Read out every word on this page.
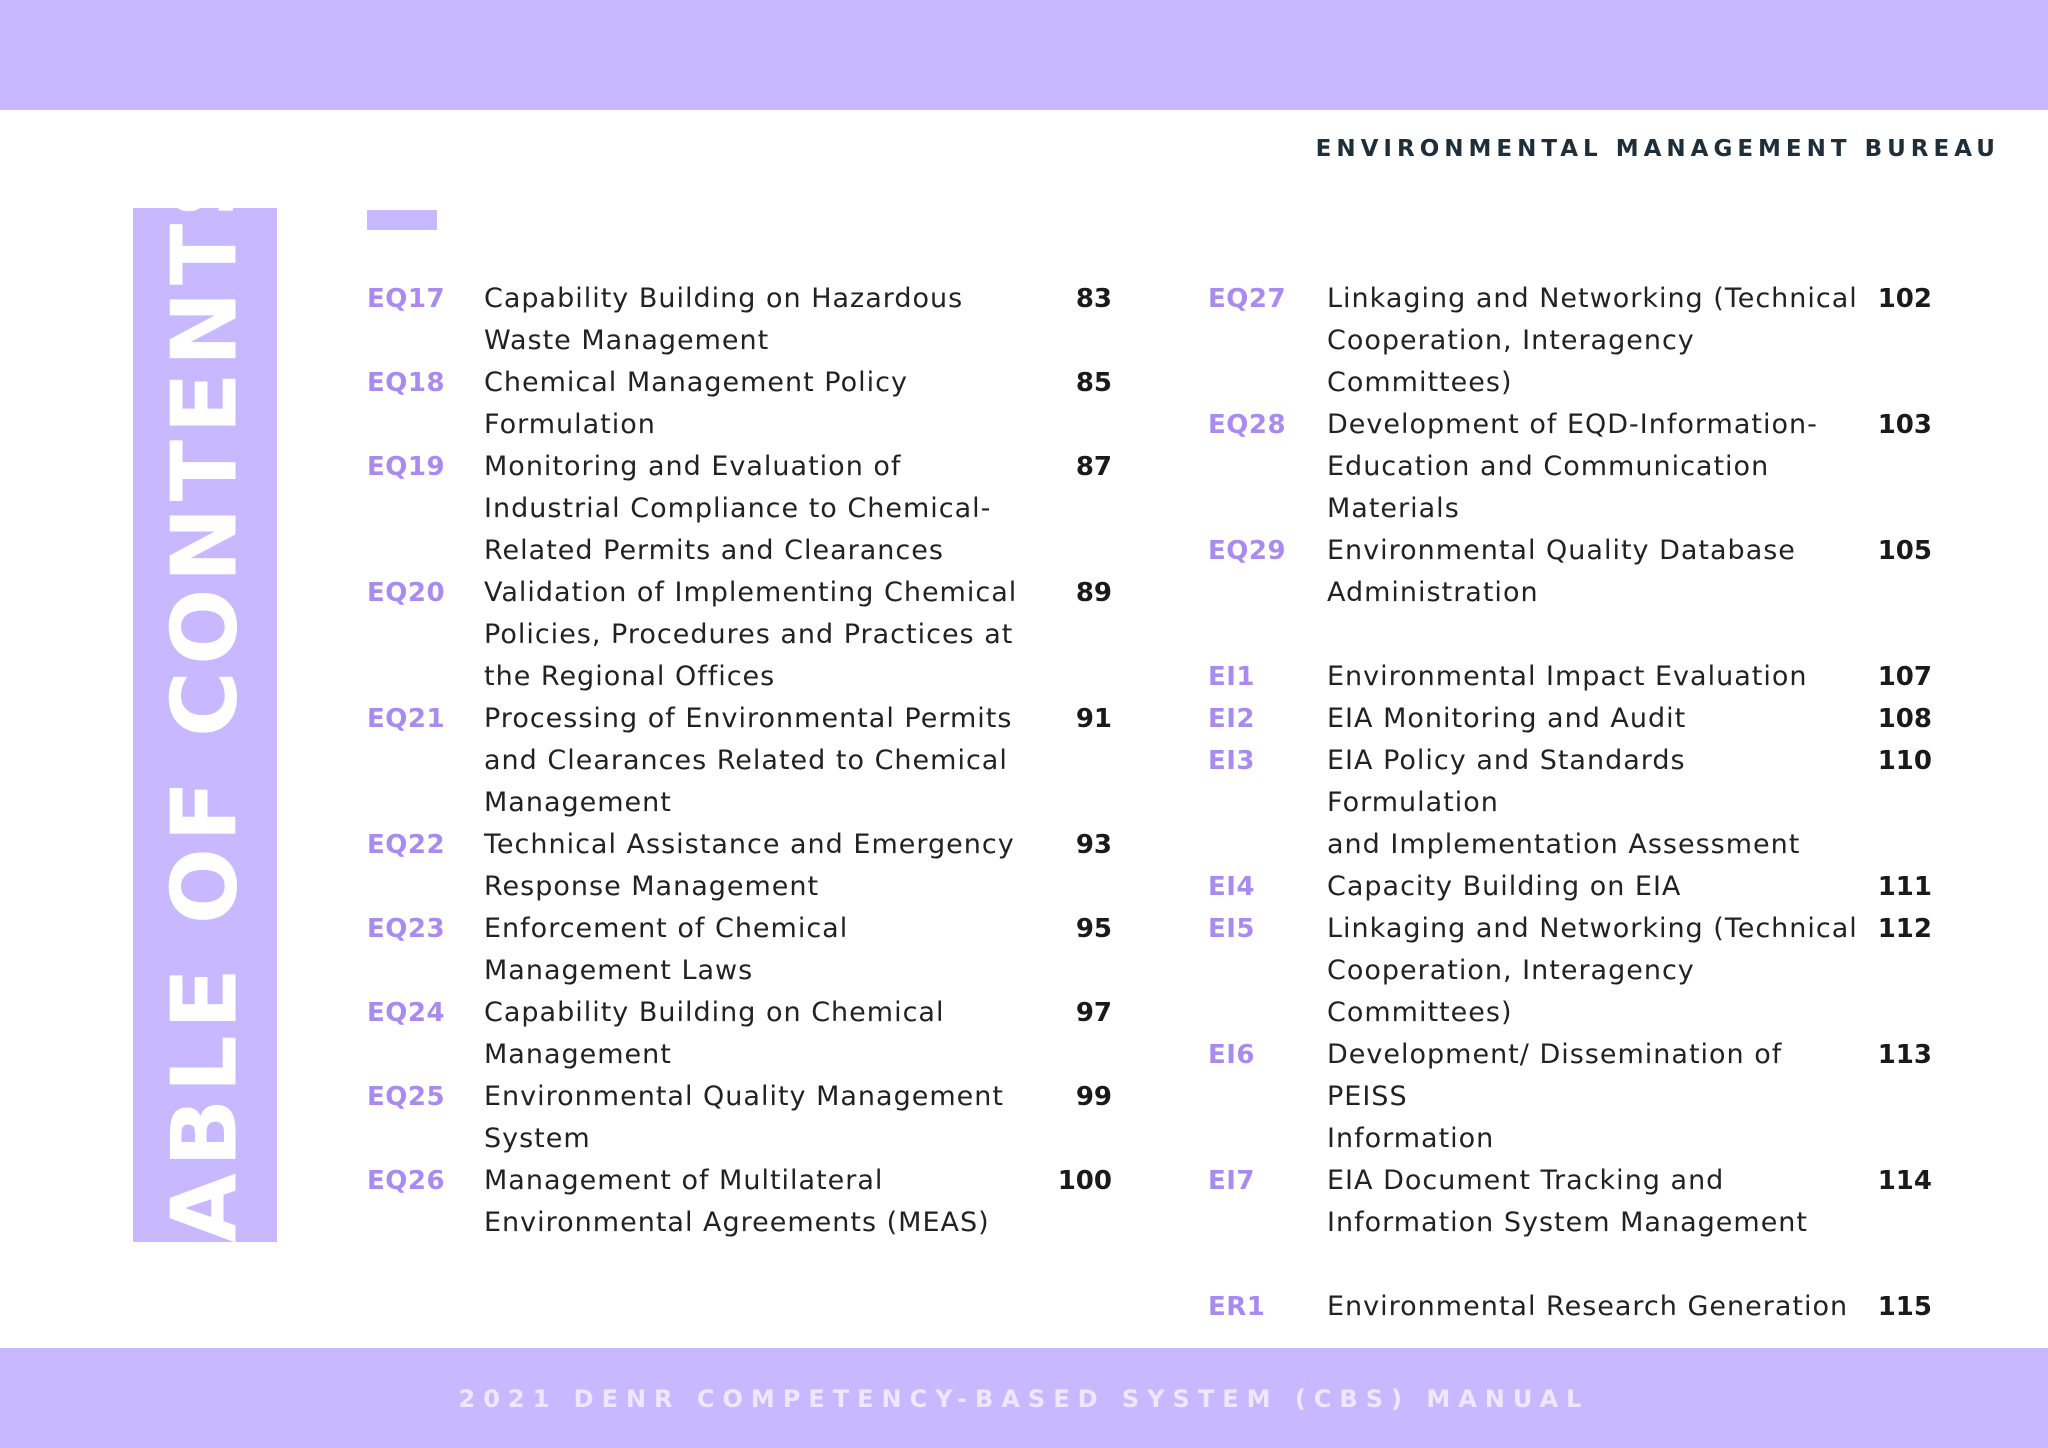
ENVIRONMENTAL MANAGEMENT BUREAU
TABLE OF CONTENTS	EQ17	Capability Building on Hazardous
Waste Management
83
EQ18	Chemical Management Policy
Formulation
85
EQ19	Monitoring and Evaluation of
Industrial Compliance to Chemical-
Related Permits and Clearances
87
EQ20	Validation of Implementing Chemical
Policies, Procedures and Practices at
the Regional Offices
89
EQ21	Processing of Environmental Permits
and Clearances Related to Chemical
Management
91
EQ22	Technical Assistance and Emergency
Response Management
93
EQ23	Enforcement of Chemical
Management Laws
95
EQ24	Capability Building on Chemical
Management
97
EQ25	Environmental Quality Management
System
99
EQ26	Management of Multilateral
Environmental Agreements (MEAS)
100
EQ27	Linkaging and Networking (Technical
Cooperation, Interagency
Committees)
102
EQ28	Development of EQD-Information-
Education and Communication
Materials
103
EQ29	Environmental Quality Database
Administration
105
EI1	Environmental Impact Evaluation	107
EI2	EIA Monitoring and Audit	108
EI3	EIA Policy and Standards Formulation
and Implementation Assessment
110
EI4	Capacity Building on EIA	111
EI5	Linkaging and Networking (Technical
Cooperation, Interagency
Committees)
112
EI6	Development/ Dissemination of PEISS
Information
113
EI7	EIA Document Tracking and
Information System Management
114
ER1	Environmental Research Generation	115
2021 DENR COMPETENCY-BASED SYSTEM (CBS) MANUAL
